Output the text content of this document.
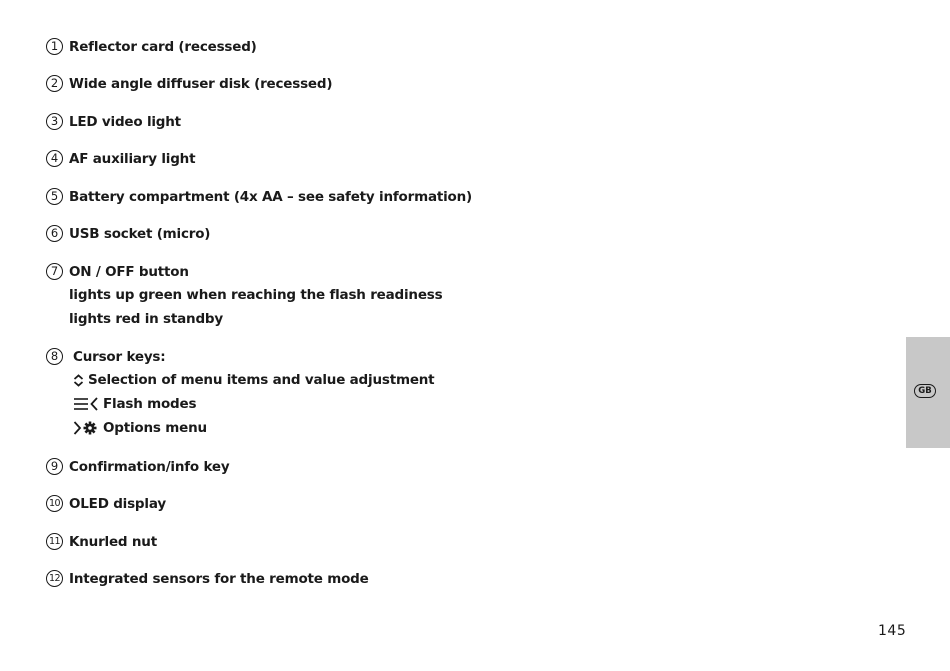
1 Reflector card (recessed)
2 Wide angle diffuser disk (recessed)
3 LED video light
4 AF auxiliary light
5 Battery compartment (4x AA – see safety information)
6 USB socket (micro)
7 ON / OFF button
lights up green when reaching the flash readiness
lights red in standby
8	Cursor keys:
Selection of menu items and value adjustment
Flash modes
Options menu
9 Confirmation/info key
10 OLED display
11 Knurled nut
12 Integrated sensors for the remote mode
GB
145
